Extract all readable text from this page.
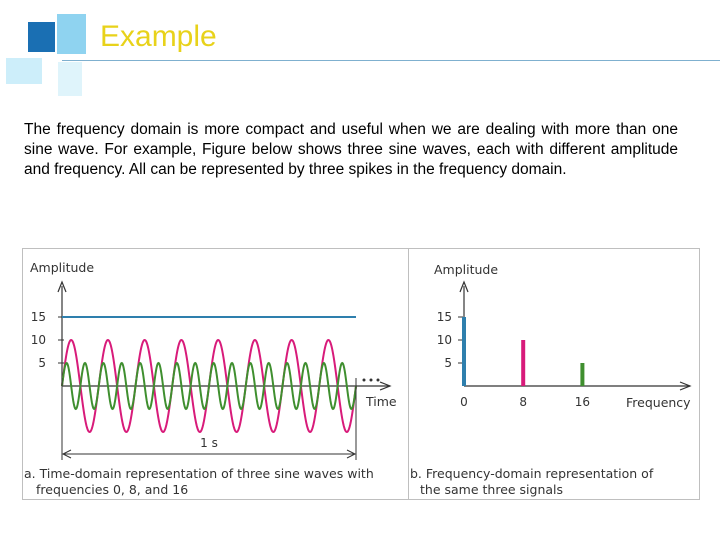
Example
The frequency domain is more compact and useful when we are dealing with more than one sine wave. For example, Figure below shows three sine waves, each with different amplitude and frequency. All can be represented by three spikes in the frequency domain.
Amplitude
Time
15
10
5
1 s
a. Time-domain representation of three sine waves with
frequencies 0, 8, and 16
Amplitude
Frequency
15
10
5
0	8	16
b. Frequency-domain representation of
the same three signals
